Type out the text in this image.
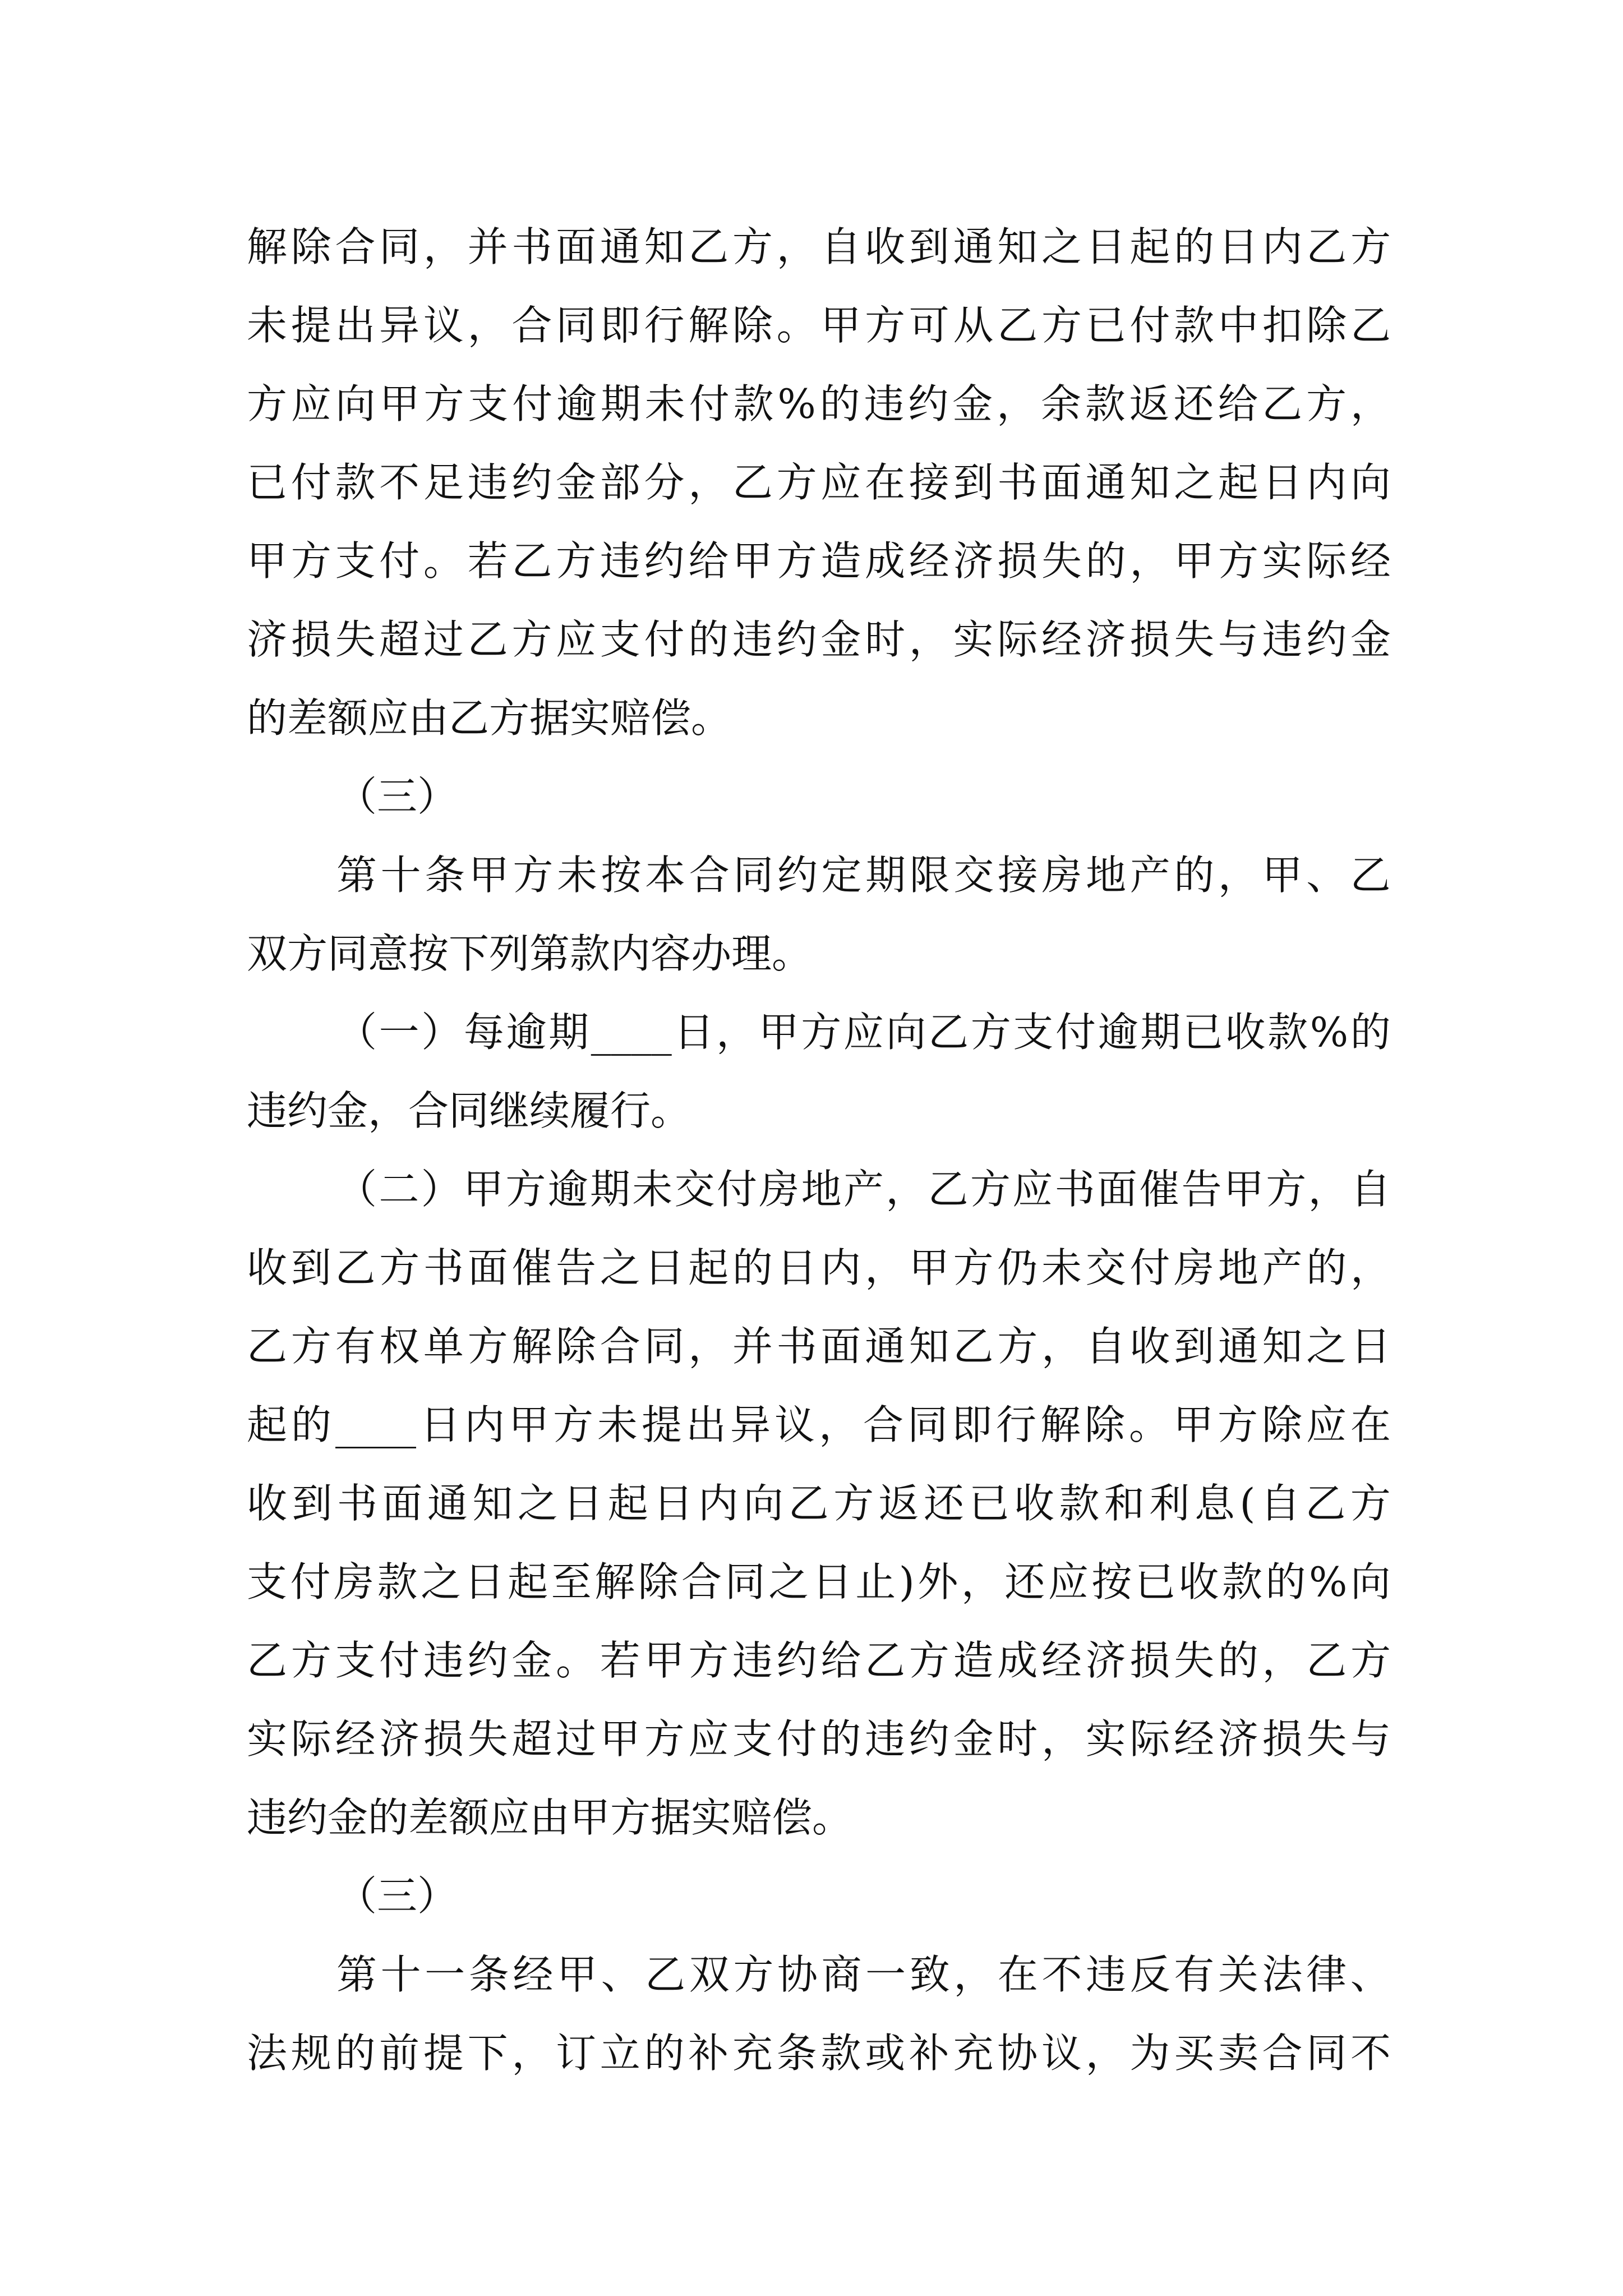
解 除 合 同 ， 并 书 面 通 知 乙 方 ， 自 收 到 通 知 之 日 起 的 日 内 乙 方
未 提 出 异 议 ， 合 同 即 行 解 除 。 甲 方 可 从 乙 方 已 付 款 中 扣 除 乙
方 应 向 甲 方 支 付 逾 期 未 付 款 % 的 违 约 金 ， 余 款 返 还 给 乙 方 ，
已 付 款 不 足 违 约 金 部 分 ， 乙 方 应 在 接 到 书 面 通 知 之 起 日 内 向
甲 方 支 付 。 若 乙 方 违 约 给 甲 方 造 成 经 济 损 失 的 ， 甲 方 实 际 经
济 损 失 超 过 乙 方 应 支 付 的 违 约 金 时 ， 实 际 经 济 损 失 与 违 约 金
的差额应由乙方据实赔偿。
（三）
第 十 条 甲 方 未 按 本 合 同 约 定 期 限 交 接 房 地 产 的 ， 甲 、 乙
双方同意按下列第款内容办理。
（ 一 ） 每 逾 期 ____ 日 ， 甲 方 应 向 乙 方 支 付 逾 期 已 收 款 % 的
违约金，合同继续履行。
（ 二 ） 甲 方 逾 期 未 交 付 房 地 产 ， 乙 方 应 书 面 催 告 甲 方 ， 自
收 到 乙 方 书 面 催 告 之 日 起 的 日 内 ， 甲 方 仍 未 交 付 房 地 产 的 ，
乙 方 有 权 单 方 解 除 合 同 ， 并 书 面 通 知 乙 方 ， 自 收 到 通 知 之 日
起 的 ____ 日 内 甲 方 未 提 出 异 议 ， 合 同 即 行 解 除 。 甲 方 除 应 在
收 到 书 面 通 知 之 日 起 日 内 向 乙 方 返 还 已 收 款 和 利 息 ( 自 乙 方
支 付 房 款 之 日 起 至 解 除 合 同 之 日 止 ) 外 ， 还 应 按 已 收 款 的 % 向
乙 方 支 付 违 约 金 。 若 甲 方 违 约 给 乙 方 造 成 经 济 损 失 的 ， 乙 方
实 际 经 济 损 失 超 过 甲 方 应 支 付 的 违 约 金 时 ， 实 际 经 济 损 失 与
违约金的差额应由甲方据实赔偿。
（三）
第 十 一 条 经 甲 、 乙 双 方 协 商 一 致 ， 在 不 违 反 有 关 法 律 、
法 规 的 前 提 下 ， 订 立 的 补 充 条 款 或 补 充 协 议 ， 为 买 卖 合 同 不
